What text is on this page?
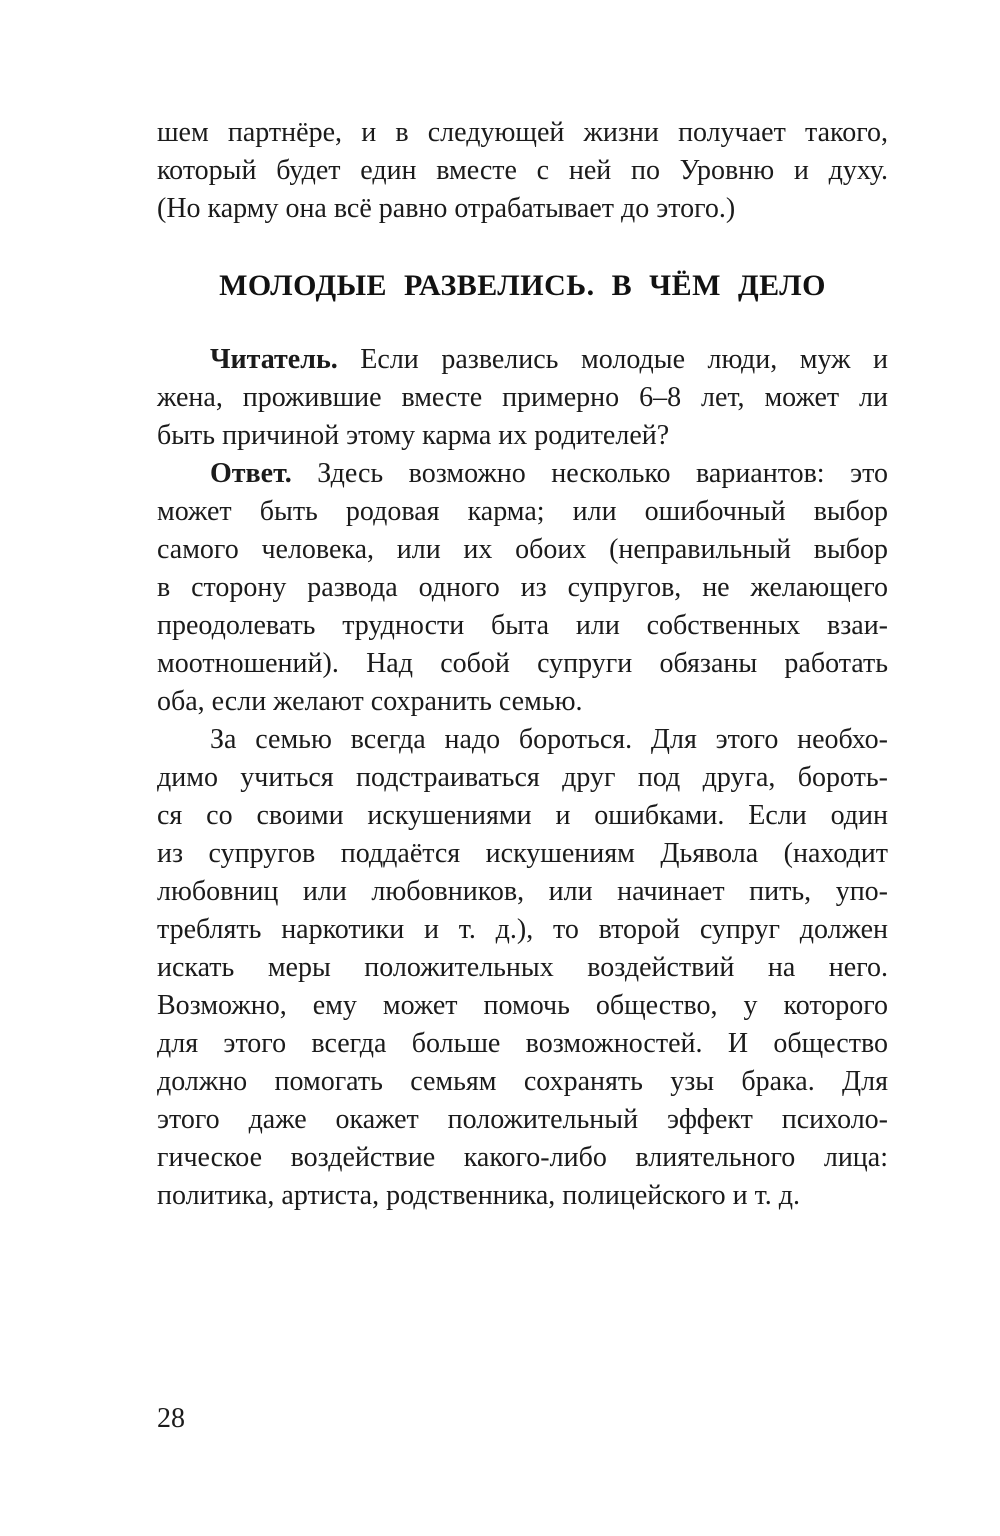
шем партнёре, и в следующей жизни получает такого,
который будет един вместе с ней по Уровню и духу.
(Но карму она всё равно отрабатывает до этого.)
МОЛОДЫЕ РАЗВЕЛИСЬ. В ЧЁМ ДЕЛО
Читатель. Если развелись молодые люди, муж и
жена, прожившие вместе примерно 6–8 лет, может ли
быть причиной этому карма их родителей?
Ответ. Здесь возможно несколько вариантов: это
может быть родовая карма; или ошибочный выбор
самого человека, или их обоих (неправильный выбор
в сторону развода одного из супругов, не желающего
преодолевать трудности быта или собственных взаи-
моотношений). Над собой супруги обязаны работать
оба, если желают сохранить семью.
За семью всегда надо бороться. Для этого необхо-
димо учиться подстраиваться друг под друга, бороть-
ся со своими искушениями и ошибками. Если один
из супругов поддаётся искушениям Дьявола (находит
любовниц или любовников, или начинает пить, упо-
треблять наркотики и т. д.), то второй супруг должен
искать меры положительных воздействий на него.
Возможно, ему может помочь общество, у которого
для этого всегда больше возможностей. И общество
должно помогать семьям сохранять узы брака. Для
этого даже окажет положительный эффект психоло-
гическое воздействие какого-либо влиятельного лица:
политика, артиста, родственника, полицейского и т. д.
28
